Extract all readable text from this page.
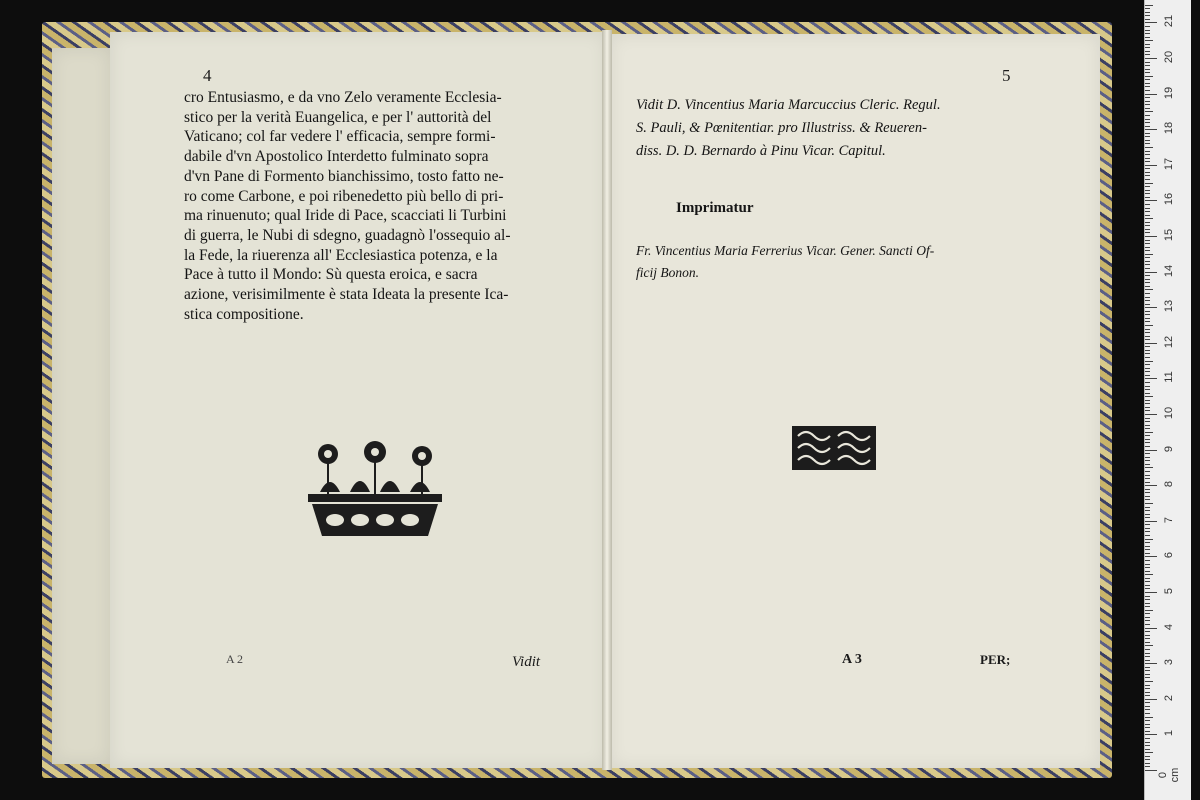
4
cro Entusiasmo, e da vno Zelo veramente Ecclesia-
stico per la verità Euangelica, e per l' auttorità del
Vaticano; col far vedere l' efficacia, sempre formi-
dabile d'vn Apostolico Interdetto fulminato sopra
d'vn Pane di Formento bianchissimo, tosto fatto ne-
ro come Carbone, e poi ribenedetto più bello di pri-
ma rinuenuto; qual Iride di Pace, scacciati li Turbini
di guerra, le Nubi di sdegno, guadagnò l'ossequio al-
la Fede, la riuerenza all' Ecclesiastica potenza, e la
Pace à tutto il Mondo: Sù questa eroica, e sacra
azione, verisimilmente è stata Ideata la presente Ica-
stica compositione.
A 2	Vidit
5
Vidit D. Vincentius Maria Marcuccius Cleric. Regul.
S. Pauli, & Pœnitentiar. pro Illustriss. & Reueren-
diss. D. D. Bernardo à Pinu Vicar. Capitul.
Imprimatur
Fr. Vincentius Maria Ferrerius Vicar. Gener. Sancti Of-
ficij Bonon.
A 3	PER;
0 cm
1
2
3
4
5
6
7
8
9
10
11
12
13
14
15
16
17
18
19
20
21
